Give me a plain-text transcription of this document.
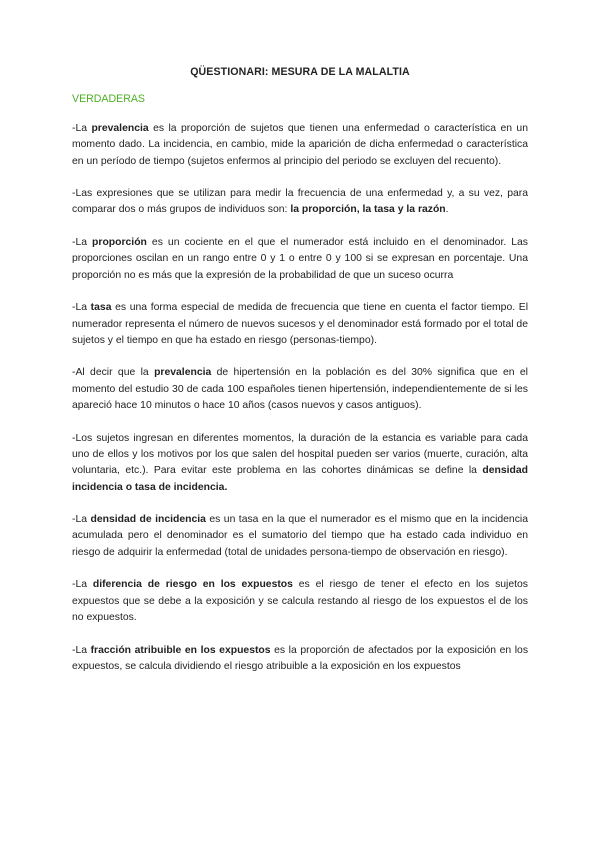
QÜESTIONARI: MESURA DE LA MALALTIA
VERDADERAS

-La prevalencia es la proporción de sujetos que tienen una enfermedad o característica en un momento dado. La incidencia, en cambio, mide la aparición de dicha enfermedad o característica en un período de tiempo (sujetos enfermos al principio del periodo se excluyen del recuento).

-Las expresiones que se utilizan para medir la frecuencia de una enfermedad y, a su vez, para comparar dos o más grupos de individuos son: la proporción, la tasa y la razón.

-La proporción es un cociente en el que el numerador está incluido en el denominador. Las proporciones oscilan en un rango entre 0 y 1 o entre 0 y 100 si se expresan en porcentaje. Una proporción no es más que la expresión de la probabilidad de que un suceso ocurra

-La tasa es una forma especial de medida de frecuencia que tiene en cuenta el factor tiempo. El numerador representa el número de nuevos sucesos y el denominador está formado por el total de sujetos y el tiempo en que ha estado en riesgo (personas-tiempo).

-Al decir que la prevalencia de hipertensión en la población es del 30% significa que en el momento del estudio 30 de cada 100 españoles tienen hipertensión, independientemente de si les apareció hace 10 minutos o hace 10 años (casos nuevos y casos antiguos).

-Los sujetos ingresan en diferentes momentos, la duración de la estancia es variable para cada uno de ellos y los motivos por los que salen del hospital pueden ser varios (muerte, curación, alta voluntaria, etc.). Para evitar este problema en las cohortes dinámicas se define la densidad incidencia o tasa de incidencia.

-La densidad de incidencia es un tasa en la que el numerador es el mismo que en la incidencia acumulada pero el denominador es el sumatorio del tiempo que ha estado cada individuo en riesgo de adquirir la enfermedad (total de unidades persona-tiempo de observación en riesgo).

-La diferencia de riesgo en los expuestos es el riesgo de tener el efecto en los sujetos expuestos que se debe a la exposición y se calcula restando al riesgo de los expuestos el de los no expuestos.

-La fracción atribuible en los expuestos es la proporción de afectados por la exposición en los expuestos, se calcula dividiendo el riesgo atribuible a la exposición en los expuestos
